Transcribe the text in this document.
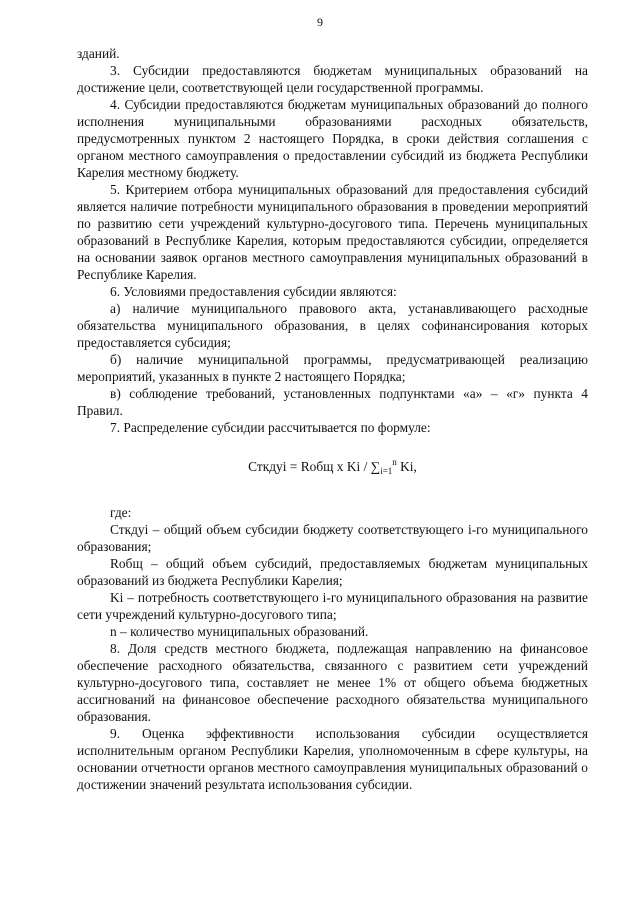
9

зданий.

3. Субсидии предоставляются бюджетам муниципальных образований на достижение цели, соответствующей цели государственной программы.

4. Субсидии предоставляются бюджетам муниципальных образований до полного исполнения муниципальными образованиями расходных обязательств, предусмотренных пунктом 2 настоящего Порядка, в сроки действия соглашения с органом местного самоуправления о предоставлении субсидий из бюджета Республики Карелия местному бюджету.

5. Критерием отбора муниципальных образований для предоставления субсидий является наличие потребности муниципального образования в проведении мероприятий по развитию сети учреждений культурно-досугового типа. Перечень муниципальных образований в Республике Карелия, которым предоставляются субсидии, определяется на основании заявок органов местного самоуправления муниципальных образований в Республике Карелия.

6. Условиями предоставления субсидии являются:

а) наличие муниципального правового акта, устанавливающего расходные обязательства муниципального образования, в целях софинансирования которых предоставляется субсидия;

б) наличие муниципальной программы, предусматривающей реализацию мероприятий, указанных в пункте 2 настоящего Порядка;

в) соблюдение требований, установленных подпунктами «а» – «г» пункта 4 Правил.

7. Распределение субсидии рассчитывается по формуле:

Сткдуi = Rобщ х Ki / $\sum_{i=1}^n$ Ki,

где:

Сткдуi – общий объем субсидии бюджету соответствующего i-го муниципального образования;

Rобщ – общий объем субсидий, предоставляемых бюджетам муниципальных образований из бюджета Республики Карелия;

Ki – потребность соответствующего i-го муниципального образования на развитие сети учреждений культурно-досугового типа;

n – количество муниципальных образований.

8. Доля средств местного бюджета, подлежащая направлению на финансовое обеспечение расходного обязательства, связанного с развитием сети учреждений культурно-досугового типа, составляет не менее 1% от общего объема бюджетных ассигнований на финансовое обеспечение расходного обязательства муниципального образования.

9. Оценка эффективности использования субсидии осуществляется исполнительным органом Республики Карелия, уполномоченным в сфере культуры, на основании отчетности органов местного самоуправления муниципальных образований о достижении значений результата использования субсидии.
